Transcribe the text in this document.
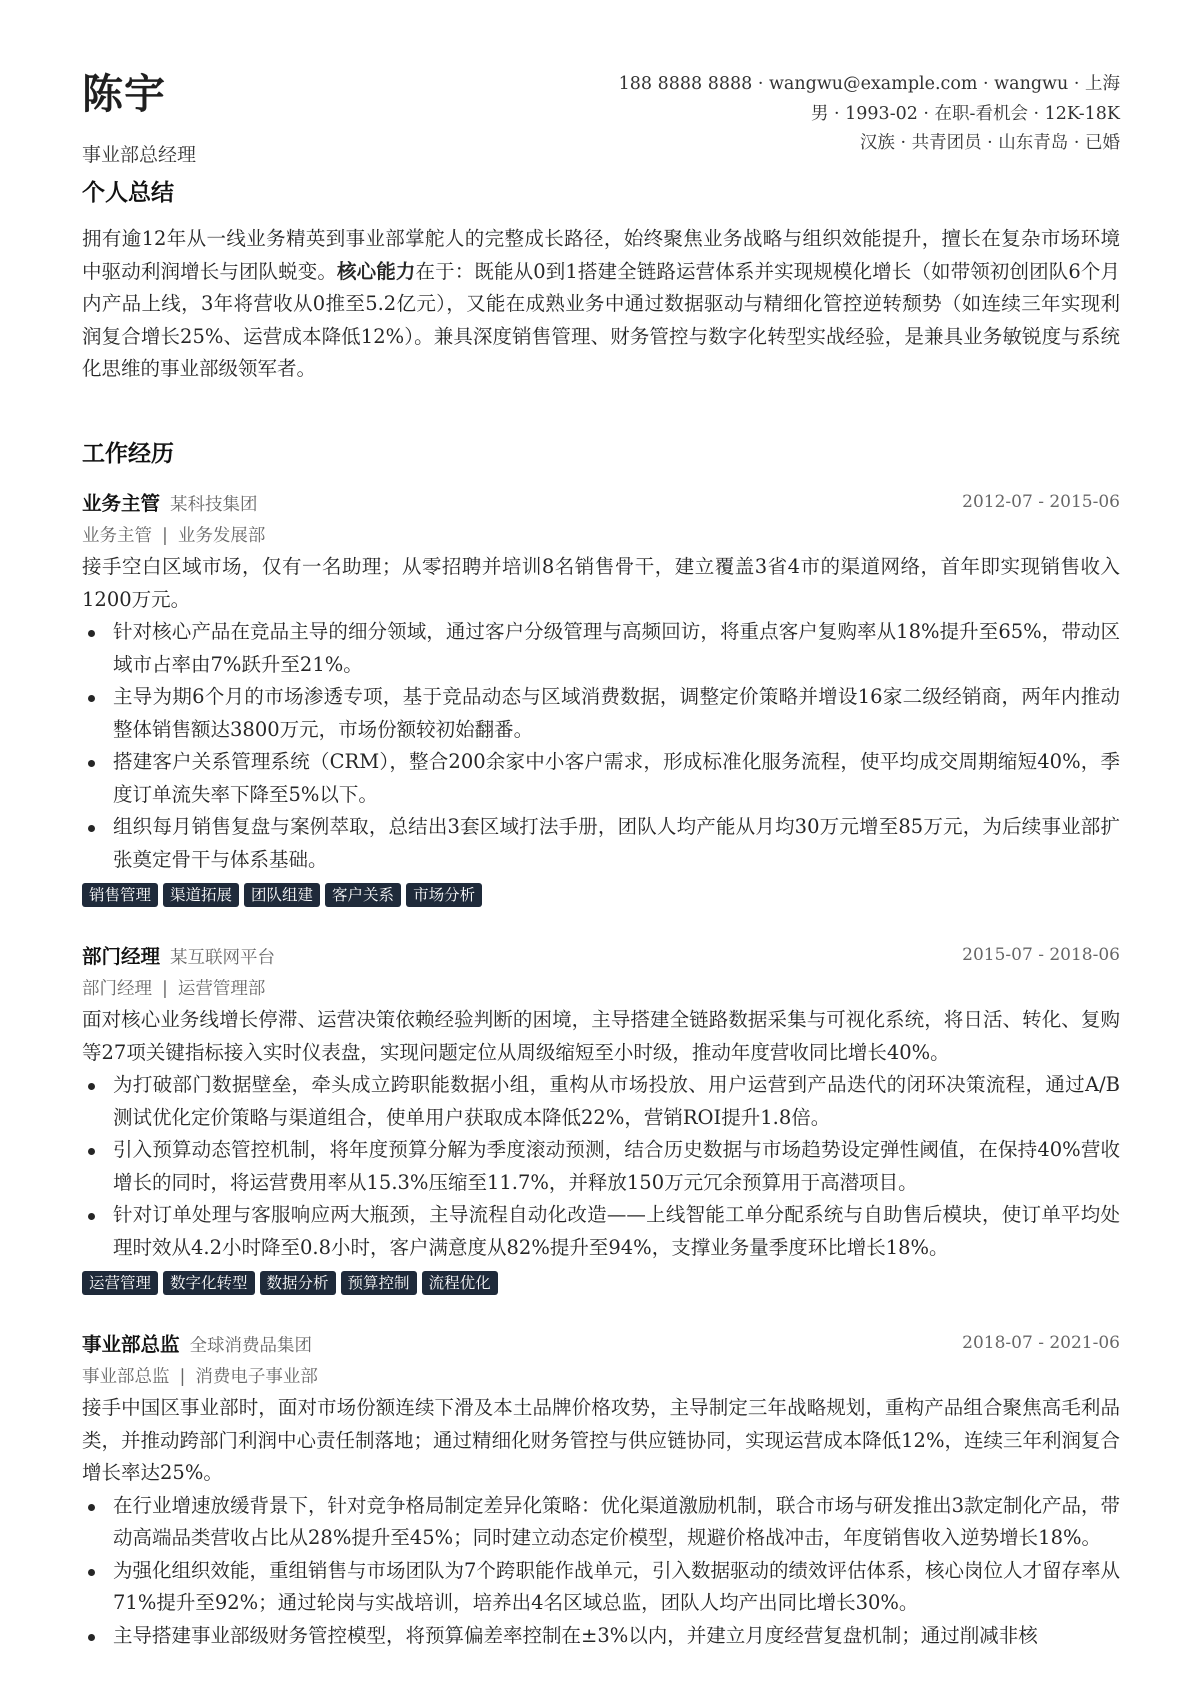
陈宇
事业部总经理
188 8888 8888 · wangwu@example.com · wangwu · 上海
男 · 1993-02 · 在职-看机会 · 12K-18K
汉族 · 共青团员 · 山东青岛 · 已婚
个人总结

拥有逾12年从一线业务精英到事业部掌舵人的完整成长路径，始终聚焦业务战略与组织效能提升，擅长在复杂市场环境中驱动利润增长与团队蜕变。核心能力在于：既能从0到1搭建全链路运营体系并实现规模化增长（如带领初创团队6个月内产品上线，3年将营收从0推至5.2亿元），又能在成熟业务中通过数据驱动与精细化管控逆转颓势（如连续三年实现利润复合增长25%、运营成本降低12%）。兼具深度销售管理、财务管控与数字化转型实战经验，是兼具业务敏锐度与系统化思维的事业部级领军者。

工作经历
业务主管 某科技集团	2012-07 - 2015-06
业务主管 | 业务发展部

接手空白区域市场，仅有一名助理；从零招聘并培训8名销售骨干，建立覆盖3省4市的渠道网络，首年即实现销售收入1200万元。

针对核心产品在竞品主导的细分领域，通过客户分级管理与高频回访，将重点客户复购率从18%提升至65%，带动区域市占率由7%跃升至21%。
主导为期6个月的市场渗透专项，基于竞品动态与区域消费数据，调整定价策略并增设16家二级经销商，两年内推动整体销售额达3800万元，市场份额较初始翻番。
搭建客户关系管理系统（CRM），整合200余家中小客户需求，形成标准化服务流程，使平均成交周期缩短40%，季度订单流失率下降至5%以下。
组织每月销售复盘与案例萃取，总结出3套区域打法手册，团队人均产能从月均30万元增至85万元，为后续事业部扩张奠定骨干与体系基础。
销售管理	渠道拓展	团队组建	客户关系	市场分析
部门经理 某互联网平台	2015-07 - 2018-06
部门经理 | 运营管理部

面对核心业务线增长停滞、运营决策依赖经验判断的困境，主导搭建全链路数据采集与可视化系统，将日活、转化、复购等27项关键指标接入实时仪表盘，实现问题定位从周级缩短至小时级，推动年度营收同比增长40%。

为打破部门数据壁垒，牵头成立跨职能数据小组，重构从市场投放、用户运营到产品迭代的闭环决策流程，通过A/B测试优化定价策略与渠道组合，使单用户获取成本降低22%，营销ROI提升1.8倍。
引入预算动态管控机制，将年度预算分解为季度滚动预测，结合历史数据与市场趋势设定弹性阈值，在保持40%营收增长的同时，将运营费用率从15.3%压缩至11.7%，并释放150万元冗余预算用于高潜项目。
针对订单处理与客服响应两大瓶颈，主导流程自动化改造——上线智能工单分配系统与自助售后模块，使订单平均处理时效从4.2小时降至0.8小时，客户满意度从82%提升至94%，支撑业务量季度环比增长18%。
运营管理	数字化转型	数据分析	预算控制	流程优化
事业部总监 全球消费品集团	2018-07 - 2021-06
事业部总监 | 消费电子事业部

接手中国区事业部时，面对市场份额连续下滑及本土品牌价格攻势，主导制定三年战略规划，重构产品组合聚焦高毛利品类，并推动跨部门利润中心责任制落地；通过精细化财务管控与供应链协同，实现运营成本降低12%，连续三年利润复合增长率达25%。

在行业增速放缓背景下，针对竞争格局制定差异化策略：优化渠道激励机制，联合市场与研发推出3款定制化产品，带动高端品类营收占比从28%提升至45%；同时建立动态定价模型，规避价格战冲击，年度销售收入逆势增长18%。
为强化组织效能，重组销售与市场团队为7个跨职能作战单元，引入数据驱动的绩效评估体系，核心岗位人才留存率从71%提升至92%；通过轮岗与实战培训，培养出4名区域总监，团队人均产出同比增长30%。
主导搭建事业部级财务管控模型，将预算偏差率控制在±3%以内，并建立月度经营复盘机制；通过削减非核
